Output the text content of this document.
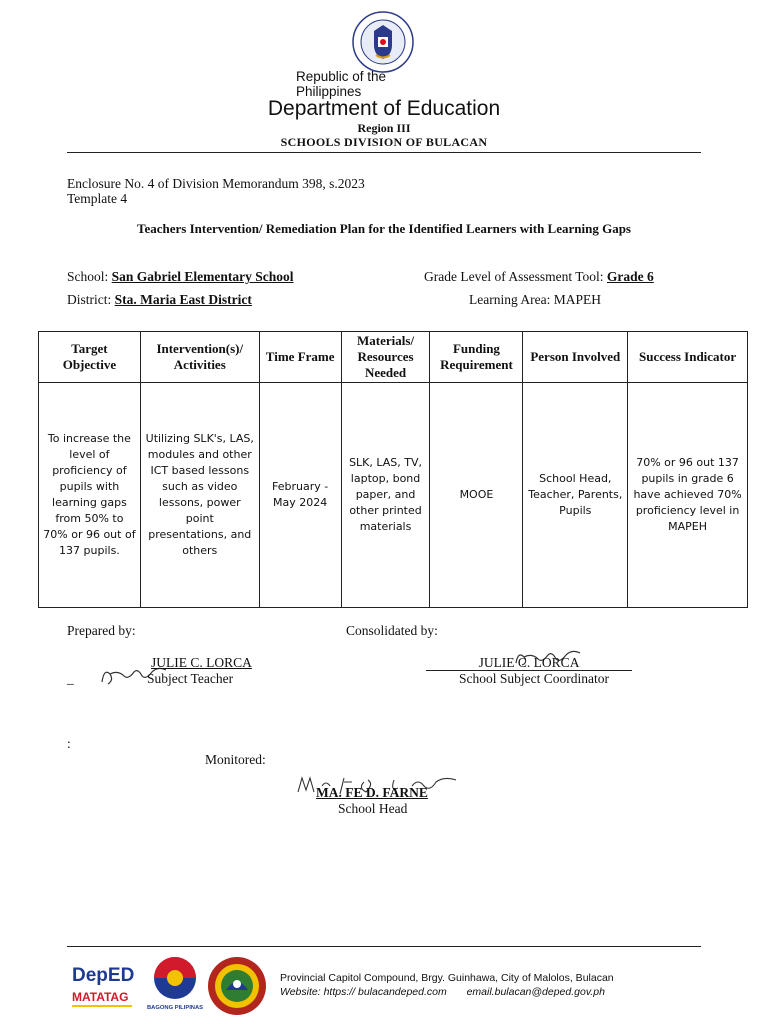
Republic of the Philippines
Department of Education
Region III
SCHOOLS DIVISION OF BULACAN
Enclosure No. 4 of Division Memorandum 398, s.2023
Template 4
Teachers Intervention/ Remediation Plan for the Identified Learners with Learning Gaps
School: San Gabriel Elementary School	Grade Level of Assessment Tool: Grade 6
District: Sta. Maria East District	Learning Area: MAPEH
Target Objective	Intervention(s)/ Activities	Time Frame	Materials/ Resources Needed	Funding Requirement	Person Involved	Success Indicator
To increase the level of proficiency of pupils with learning gaps from 50% to 70% or 96 out of 137 pupils.	Utilizing SLK's, LAS, modules and other ICT based lessons such as video lessons, power point presentations, and others	February - May 2024	SLK, LAS, TV, laptop, bond paper, and other printed materials	MOOE	School Head, Teacher, Parents, Pupils	70% or 96 out 137 pupils in grade 6 have achieved 70% proficiency level in MAPEH
Prepared by:	Consolidated by:
JULIE C. LORCA
_	Subject Teacher
JULIE C. LORCA
School Subject Coordinator
:
Monitored:
MA. FE D. FARNE
School Head
DepED
MATATAG
BAGONG PILIPINAS
Provincial Capitol Compound, Brgy. Guinhawa, City of Malolos, Bulacan
Website: https:// bulacandeped.com email.bulacan@deped.gov.ph
